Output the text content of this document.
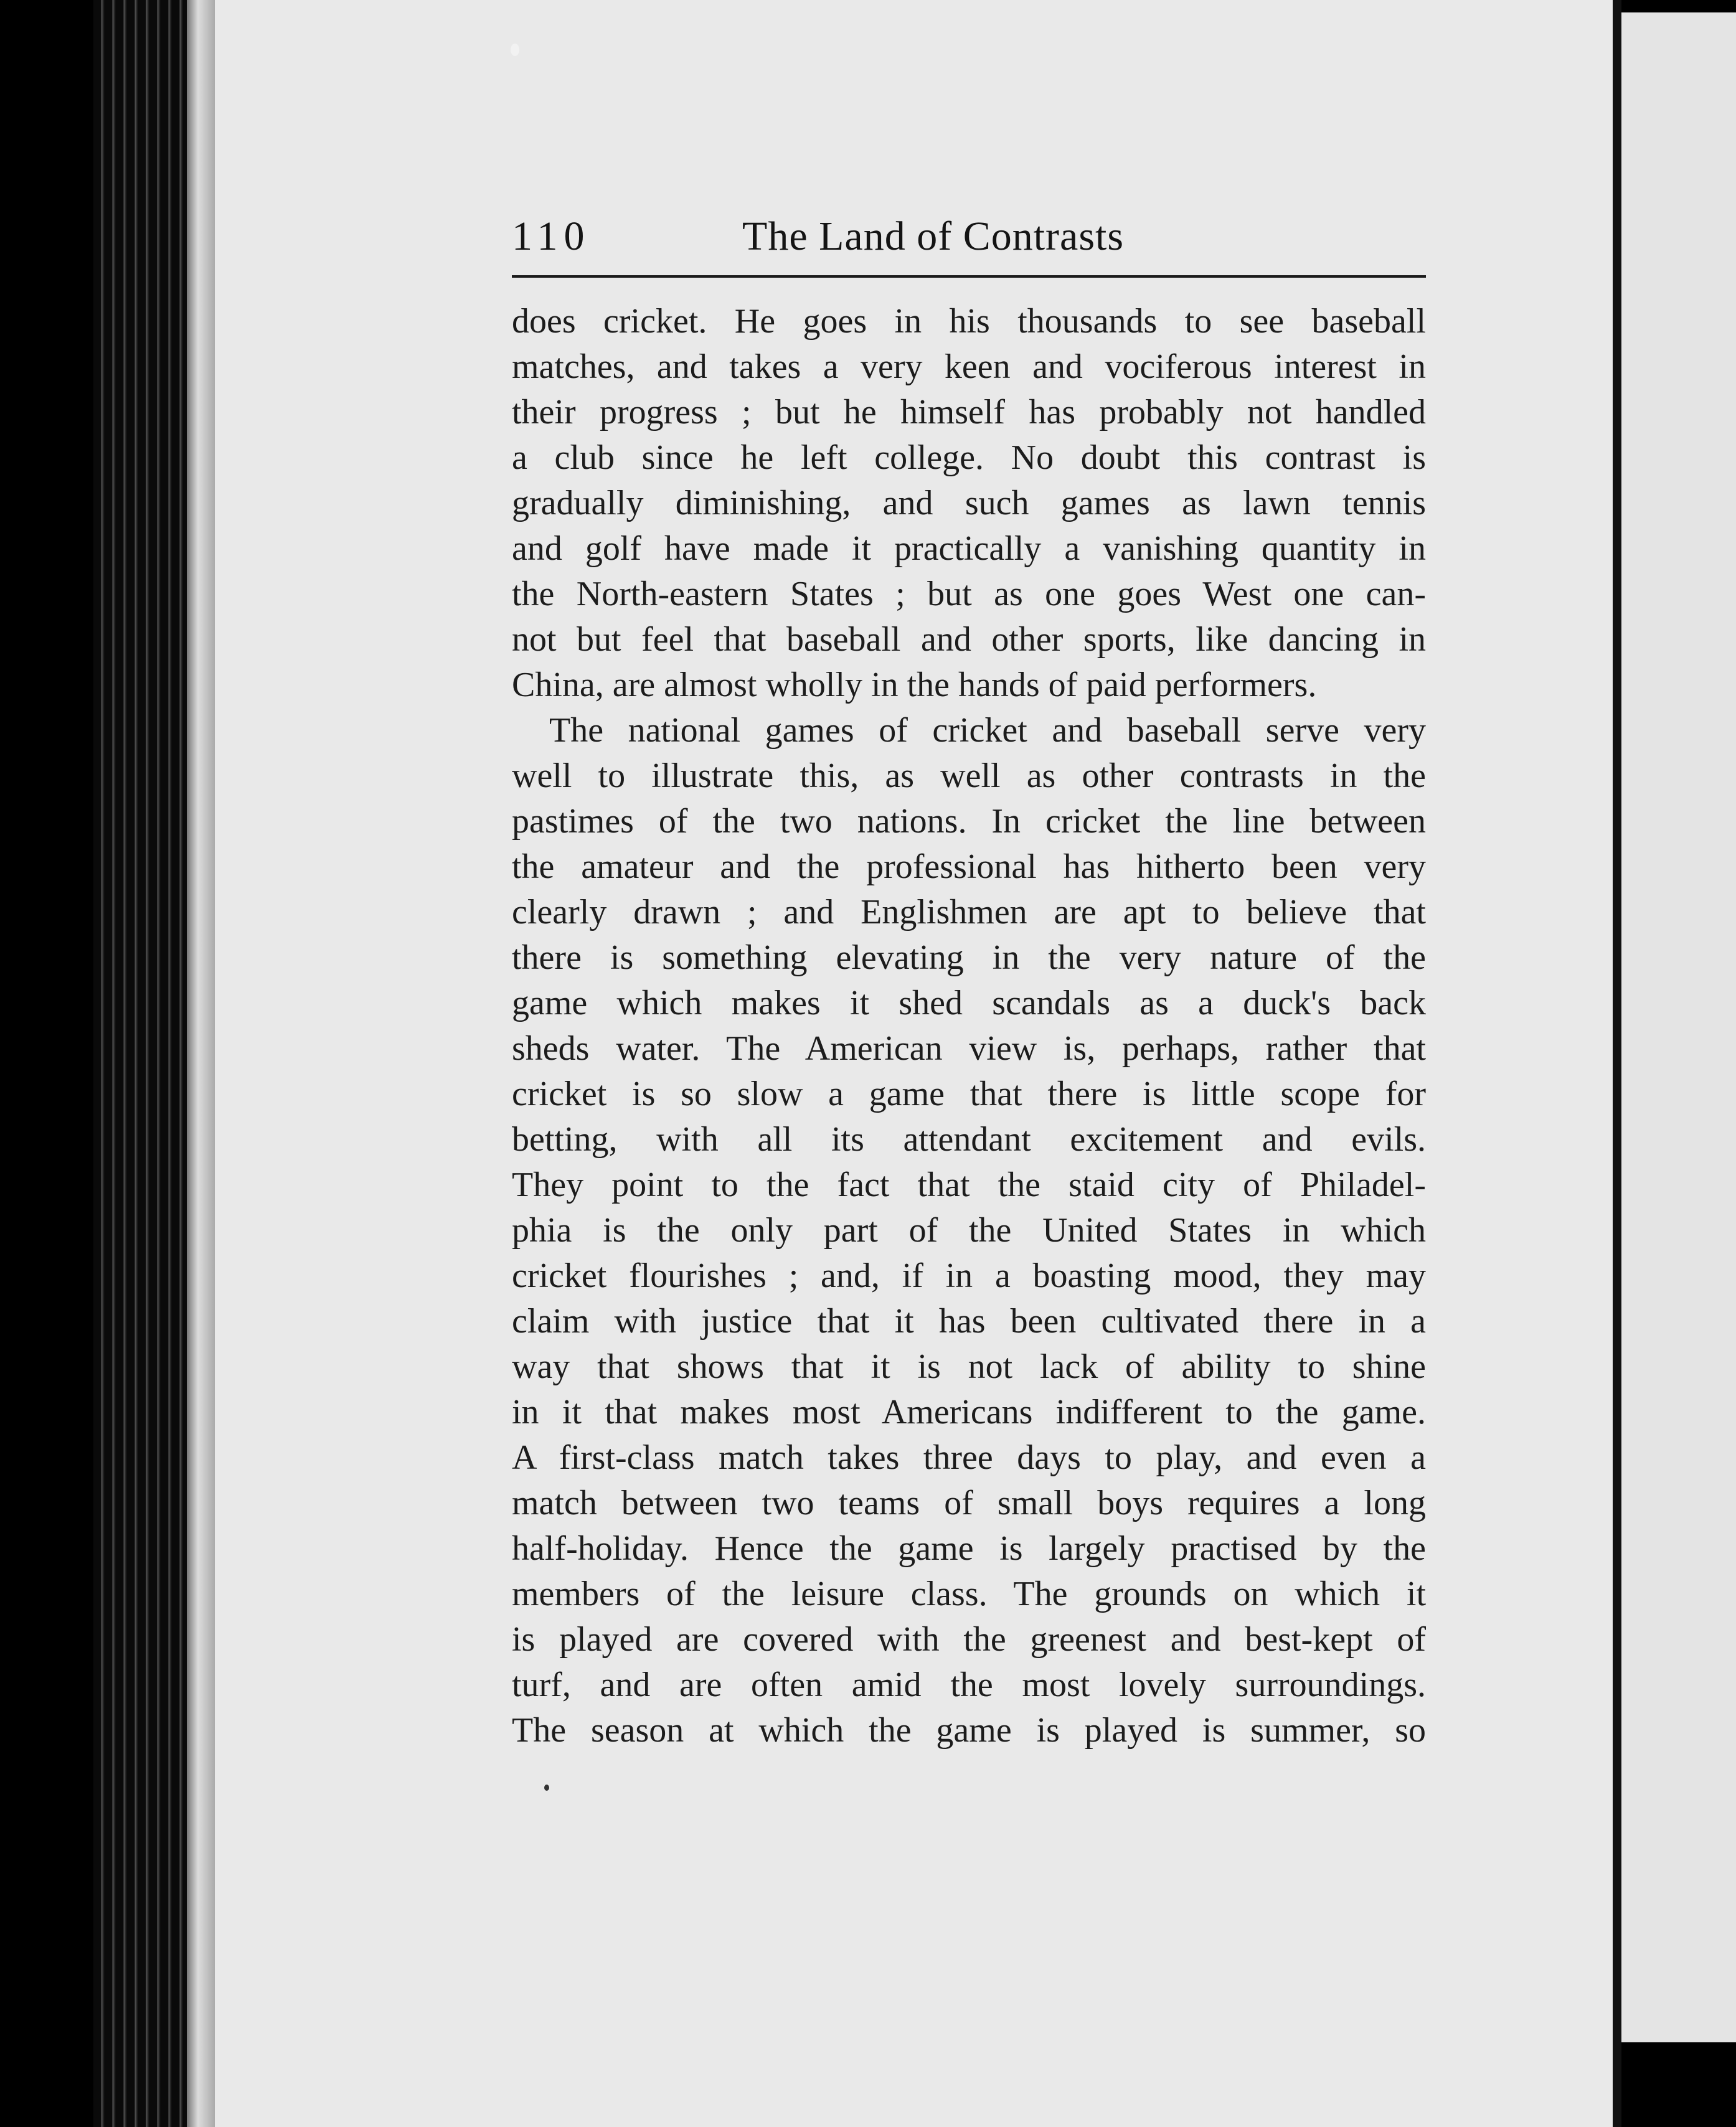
110	The Land of Contrasts
does cricket. He goes in his thousands to see baseball
matches, and takes a very keen and vociferous interest in
their progress ; but he himself has probably not handled
a club since he left college. No doubt this contrast is
gradually diminishing, and such games as lawn tennis
and golf have made it practically a vanishing quantity in
the North-eastern States ; but as one goes West one can-
not but feel that baseball and other sports, like dancing in
China, are almost wholly in the hands of paid performers.
The national games of cricket and baseball serve very
well to illustrate this, as well as other contrasts in the
pastimes of the two nations. In cricket the line between
the amateur and the professional has hitherto been very
clearly drawn ; and Englishmen are apt to believe that
there is something elevating in the very nature of the
game which makes it shed scandals as a duck's back
sheds water. The American view is, perhaps, rather that
cricket is so slow a game that there is little scope for
betting, with all its attendant excitement and evils.
They point to the fact that the staid city of Philadel-
phia is the only part of the United States in which
cricket flourishes ; and, if in a boasting mood, they may
claim with justice that it has been cultivated there in a
way that shows that it is not lack of ability to shine
in it that makes most Americans indifferent to the game.
A first-class match takes three days to play, and even a
match between two teams of small boys requires a long
half-holiday. Hence the game is largely practised by the
members of the leisure class. The grounds on which it
is played are covered with the greenest and best-kept of
turf, and are often amid the most lovely surroundings.
The season at which the game is played is summer, so
